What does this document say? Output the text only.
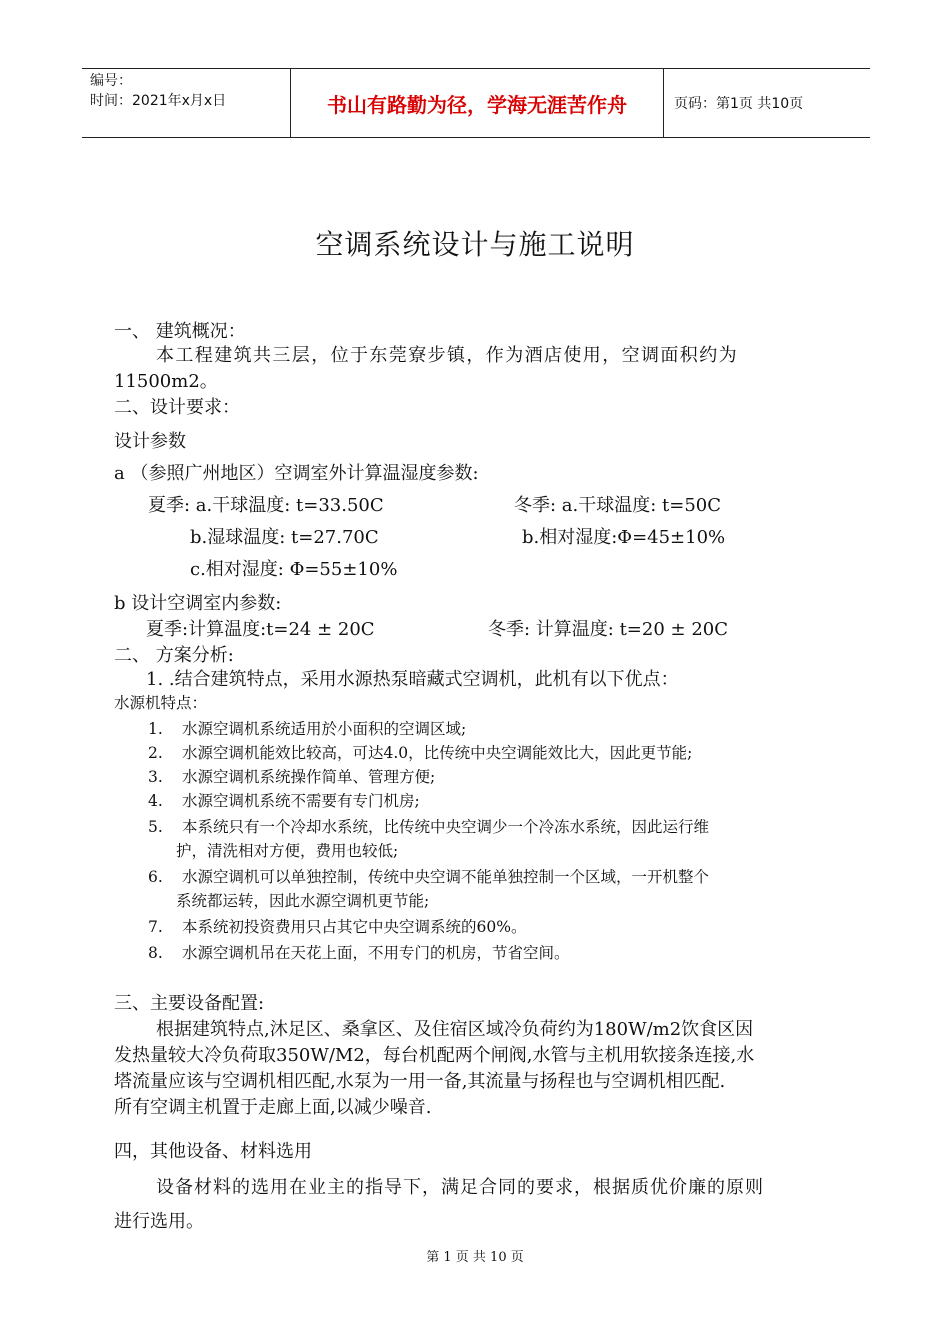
编号：
时间：2021年x月x日	书山有路勤为径，学海无涯苦作舟	页码：第1页 共10页
空调系统设计与施工说明
一、 建筑概况：
本工程建筑共三层，位于东莞寮步镇，作为酒店使用，空调面积约为
11500m2。
二、设计要求：
设计参数
a （参照广州地区）空调室外计算温湿度参数:
夏季: a.干球温度: t=33.50C	冬季: a.干球温度: t=50C
b.湿球温度: t=27.70C	b.相对湿度:Φ=45±10%
c.相对湿度: Φ=55±10%
b 设计空调室内参数:
夏季:计算温度:t=24 ± 20C	冬季: 计算温度: t=20 ± 20C
二、 方案分析:
1. .结合建筑特点，采用水源热泵暗藏式空调机，此机有以下优点：
水源机特点：
1. 水源空调机系统适用於小面积的空调区域;
2. 水源空调机能效比较高，可达4.0，比传统中央空调能效比大，因此更节能;
3. 水源空调机系统操作简单、管理方便;
4. 水源空调机系统不需要有专门机房;
5. 本系统只有一个冷却水系统，比传统中央空调少一个冷冻水系统，因此运行维
护，清洗相对方便，费用也较低;
6. 水源空调机可以单独控制，传统中央空调不能单独控制一个区域，一开机整个
系统都运转，因此水源空调机更节能;
7. 本系统初投资费用只占其它中央空调系统的60%。
8. 水源空调机吊在天花上面，不用专门的机房，节省空间。
三、主要设备配置:
根据建筑特点,沐足区、桑拿区、及住宿区域冷负荷约为180W/m2饮食区因
发热量较大冷负荷取350W/M2，每台机配两个闸阀,水管与主机用软接条连接,水
塔流量应该与空调机相匹配,水泵为一用一备,其流量与扬程也与空调机相匹配.
所有空调主机置于走廊上面,以减少噪音.
四，其他设备、材料选用
设备材料的选用在业主的指导下，满足合同的要求，根据质优价廉的原则
进行选用。
第 1 页 共 10 页
